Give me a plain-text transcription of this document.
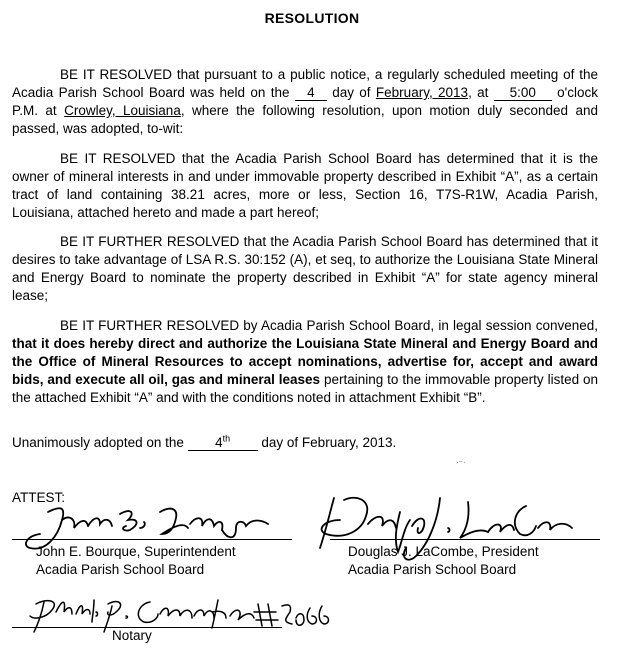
RESOLUTION
BE IT RESOLVED that pursuant to a public notice, a regularly scheduled meeting of the Acadia Parish School Board was held on the 4 day of February, 2013, at 5:00 o'clock P.M. at Crowley, Louisiana, where the following resolution, upon motion duly seconded and passed, was adopted, to-wit:
BE IT RESOLVED that the Acadia Parish School Board has determined that it is the owner of mineral interests in and under immovable property described in Exhibit “A”, as a certain tract of land containing 38.21 acres, more or less, Section 16, T7S-R1W, Acadia Parish, Louisiana, attached hereto and made a part hereof;
BE IT FURTHER RESOLVED that the Acadia Parish School Board has determined that it desires to take advantage of LSA R.S. 30:152 (A), et seq, to authorize the Louisiana State Mineral and Energy Board to nominate the property described in Exhibit “A” for state agency mineral lease;
BE IT FURTHER RESOLVED by Acadia Parish School Board, in legal session convened, that it does hereby direct and authorize the Louisiana State Mineral and Energy Board and the Office of Mineral Resources to accept nominations, advertise for, accept and award bids, and execute all oil, gas and mineral leases pertaining to the immovable property listed on the attached Exhibit “A” and with the conditions noted in attachment Exhibit “B”.
Unanimously adopted on the 4th day of February, 2013.
·⁻·
ATTEST:
John E. Bourque, Superintendent
Acadia Parish School Board
Douglas J. LaCombe, President
Acadia Parish School Board
Notary
